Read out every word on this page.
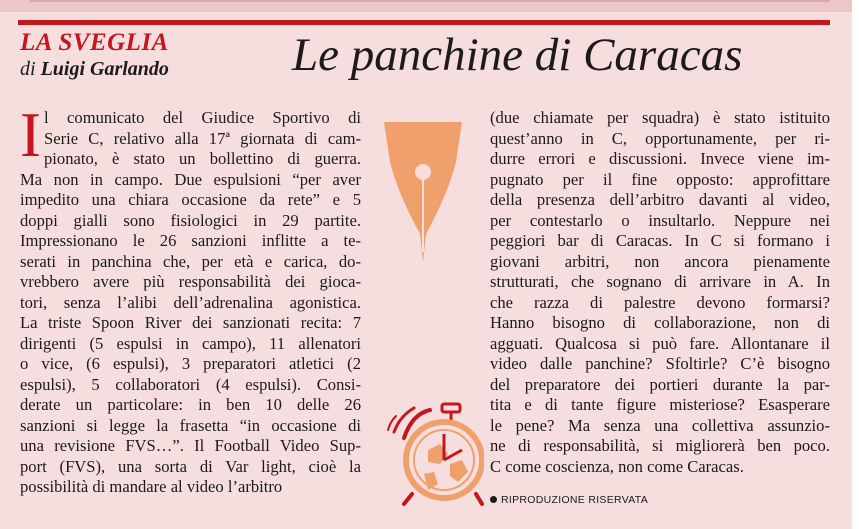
LA SVEGLIA
di Luigi Garlando	Le panchine di Caracas
I l comunicato del Giudice Sportivo di
Serie C, relativo alla 17ª giornata di cam-
pionato, è stato un bollettino di guerra.
Ma non in campo. Due espulsioni “per aver
impedito una chiara occasione da rete” e 5
doppi gialli sono fisiologici in 29 partite.
Impressionano le 26 sanzioni inflitte a te-
serati in panchina che, per età e carica, do-
vrebbero avere più responsabilità dei gioca-
tori, senza l’alibi dell’adrenalina agonistica.
La triste Spoon River dei sanzionati recita: 7
dirigenti (5 espulsi in campo), 11 allenatori
o vice, (6 espulsi), 3 preparatori atletici (2
espulsi), 5 collaboratori (4 espulsi). Consi-
derate un particolare: in ben 10 delle 26
sanzioni si legge la frasetta “in occasione di
una revisione FVS…”. Il Football Video Sup-
port (FVS), una sorta di Var light, cioè la
possibilità di mandare al video l’arbitro
(due chiamate per squadra) è stato istituito
quest’anno in C, opportunamente, per ri-
durre errori e discussioni. Invece viene im-
pugnato per il fine opposto: approfittare
della presenza dell’arbitro davanti al video,
per contestarlo o insultarlo. Neppure nei
peggiori bar di Caracas. In C si formano i
giovani arbitri, non ancora pienamente
strutturati, che sognano di arrivare in A. In
che razza di palestre devono formarsi?
Hanno bisogno di collaborazione, non di
agguati. Qualcosa si può fare. Allontanare il
video dalle panchine? Sfoltirle? C’è bisogno
del preparatore dei portieri durante la par-
tita e di tante figure misteriose? Esasperare
le pene? Ma senza una collettiva assunzio-
ne di responsabilità, si migliorerà ben poco.
C come coscienza, non come Caracas.
RIPRODUZIONE RISERVATA
